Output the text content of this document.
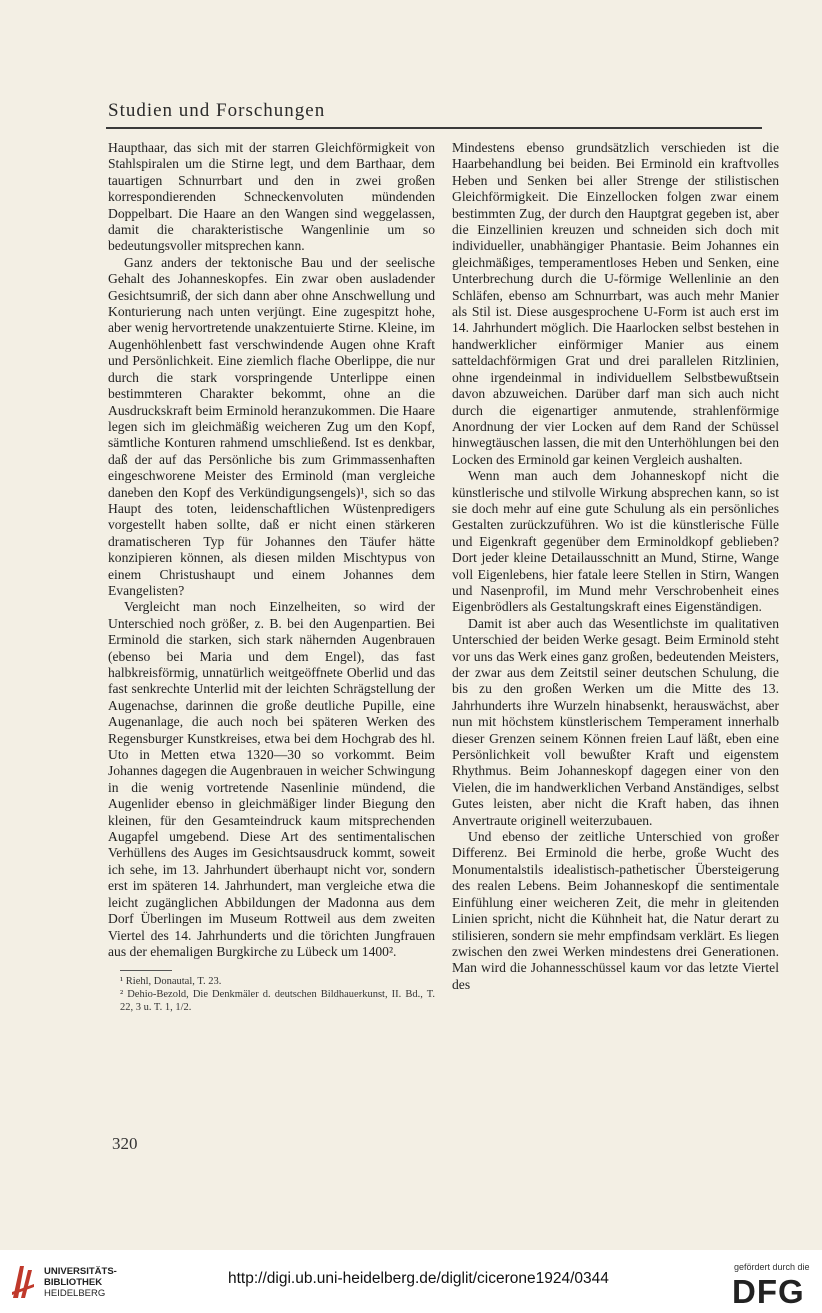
Studien und Forschungen

Haupthaar, das sich mit der starren Gleichförmigkeit von Stahlspiralen um die Stirne legt, und dem Barthaar, dem tauartigen Schnurrbart und den in zwei großen korrespondierenden Schneckenvoluten mündenden Doppelbart. Die Haare an den Wangen sind weggelassen, damit die charakteristische Wangenlinie um so bedeutungsvoller mitsprechen kann.

Ganz anders der tektonische Bau und der seelische Gehalt des Johanneskopfes. Ein zwar oben ausladender Gesichtsumriß, der sich dann aber ohne Anschwellung und Konturierung nach unten verjüngt. Eine zugespitzt hohe, aber wenig hervortretende unakzentuierte Stirne. Kleine, im Augenhöhlenbett fast verschwindende Augen ohne Kraft und Persönlichkeit. Eine ziemlich flache Oberlippe, die nur durch die stark vorspringende Unterlippe einen bestimmteren Charakter bekommt, ohne an die Ausdruckskraft beim Erminold heranzukommen. Die Haare legen sich im gleichmäßig weicheren Zug um den Kopf, sämtliche Konturen rahmend umschließend. Ist es denkbar, daß der auf das Persönliche bis zum Grimmassenhaften eingeschworene Meister des Erminold (man vergleiche daneben den Kopf des Verkündigungsengels)¹, sich so das Haupt des toten, leidenschaftlichen Wüstenpredigers vorgestellt haben sollte, daß er nicht einen stärkeren dramatischeren Typ für Johannes den Täufer hätte konzipieren können, als diesen milden Mischtypus von einem Christushaupt und einem Johannes dem Evangelisten?

Vergleicht man noch Einzelheiten, so wird der Unterschied noch größer, z. B. bei den Augenpartien. Bei Erminold die starken, sich stark nähernden Augenbrauen (ebenso bei Maria und dem Engel), das fast halbkreisförmig, unnatürlich weitgeöffnete Oberlid und das fast senkrechte Unterlid mit der leichten Schrägstellung der Augenachse, darinnen die große deutliche Pupille, eine Augenanlage, die auch noch bei späteren Werken des Regensburger Kunstkreises, etwa bei dem Hochgrab des hl. Uto in Metten etwa 1320—30 so vorkommt. Beim Johannes dagegen die Augenbrauen in weicher Schwingung in die wenig vortretende Nasenlinie mündend, die Augenlider ebenso in gleichmäßiger linder Biegung den kleinen, für den Gesamteindruck kaum mitsprechenden Augapfel umgebend. Diese Art des sentimentalischen Verhüllens des Auges im Gesichtsausdruck kommt, soweit ich sehe, im 13. Jahrhundert überhaupt nicht vor, sondern erst im späteren 14. Jahrhundert, man vergleiche etwa die leicht zugänglichen Abbildungen der Madonna aus dem Dorf Überlingen im Museum Rottweil aus dem zweiten Viertel des 14. Jahrhunderts und die törichten Jungfrauen aus der ehemaligen Burgkirche zu Lübeck um 1400².

¹ Riehl, Donautal, T. 23.

² Dehio-Bezold, Die Denkmäler d. deutschen Bildhauerkunst, II. Bd., T. 22, 3 u. T. 1, 1/2.

Mindestens ebenso grundsätzlich verschieden ist die Haarbehandlung bei beiden. Bei Erminold ein kraftvolles Heben und Senken bei aller Strenge der stilistischen Gleichförmigkeit. Die Einzellocken folgen zwar einem bestimmten Zug, der durch den Hauptgrat gegeben ist, aber die Einzellinien kreuzen und schneiden sich doch mit individueller, unabhängiger Phantasie. Beim Johannes ein gleichmäßiges, temperamentloses Heben und Senken, eine Unterbrechung durch die U-förmige Wellenlinie an den Schläfen, ebenso am Schnurrbart, was auch mehr Manier als Stil ist. Diese ausgesprochene U-Form ist auch erst im 14. Jahrhundert möglich. Die Haarlocken selbst bestehen in handwerklicher einförmiger Manier aus einem satteldachförmigen Grat und drei parallelen Ritzlinien, ohne irgendeinmal in individuellem Selbstbewußtsein davon abzuweichen. Darüber darf man sich auch nicht durch die eigenartiger anmutende, strahlenförmige Anordnung der vier Locken auf dem Rand der Schüssel hinwegtäuschen lassen, die mit den Unterhöhlungen bei den Locken des Erminold gar keinen Vergleich aushalten.

Wenn man auch dem Johanneskopf nicht die künstlerische und stilvolle Wirkung absprechen kann, so ist sie doch mehr auf eine gute Schulung als ein persönliches Gestalten zurückzuführen. Wo ist die künstlerische Fülle und Eigenkraft gegenüber dem Erminoldkopf geblieben? Dort jeder kleine Detailausschnitt an Mund, Stirne, Wange voll Eigenlebens, hier fatale leere Stellen in Stirn, Wangen und Nasenprofil, im Mund mehr Verschrobenheit eines Eigenbrödlers als Gestaltungskraft eines Eigenständigen.

Damit ist aber auch das Wesentlichste im qualitativen Unterschied der beiden Werke gesagt. Beim Erminold steht vor uns das Werk eines ganz großen, bedeutenden Meisters, der zwar aus dem Zeitstil seiner deutschen Schulung, die bis zu den großen Werken um die Mitte des 13. Jahrhunderts ihre Wurzeln hinabsenkt, herauswächst, aber nun mit höchstem künstlerischem Temperament innerhalb dieser Grenzen seinem Können freien Lauf läßt, eben eine Persönlichkeit voll bewußter Kraft und eigenstem Rhythmus. Beim Johanneskopf dagegen einer von den Vielen, die im handwerklichen Verband Anständiges, selbst Gutes leisten, aber nicht die Kraft haben, das ihnen Anvertraute originell weiterzubauen.

Und ebenso der zeitliche Unterschied von großer Differenz. Bei Erminold die herbe, große Wucht des Monumentalstils idealistisch-pathetischer Übersteigerung des realen Lebens. Beim Johanneskopf die sentimentale Einfühlung einer weicheren Zeit, die mehr in gleitenden Linien spricht, nicht die Kühnheit hat, die Natur derart zu stilisieren, sondern sie mehr empfindsam verklärt. Es liegen zwischen den zwei Werken mindestens drei Generationen. Man wird die Johannesschüssel kaum vor das letzte Viertel des

320
UNIVERSITÄTS-
BIBLIOTHEK
HEIDELBERG
http://digi.ub.uni-heidelberg.de/diglit/cicerone1924/0344
gefördert durch die
DFG
